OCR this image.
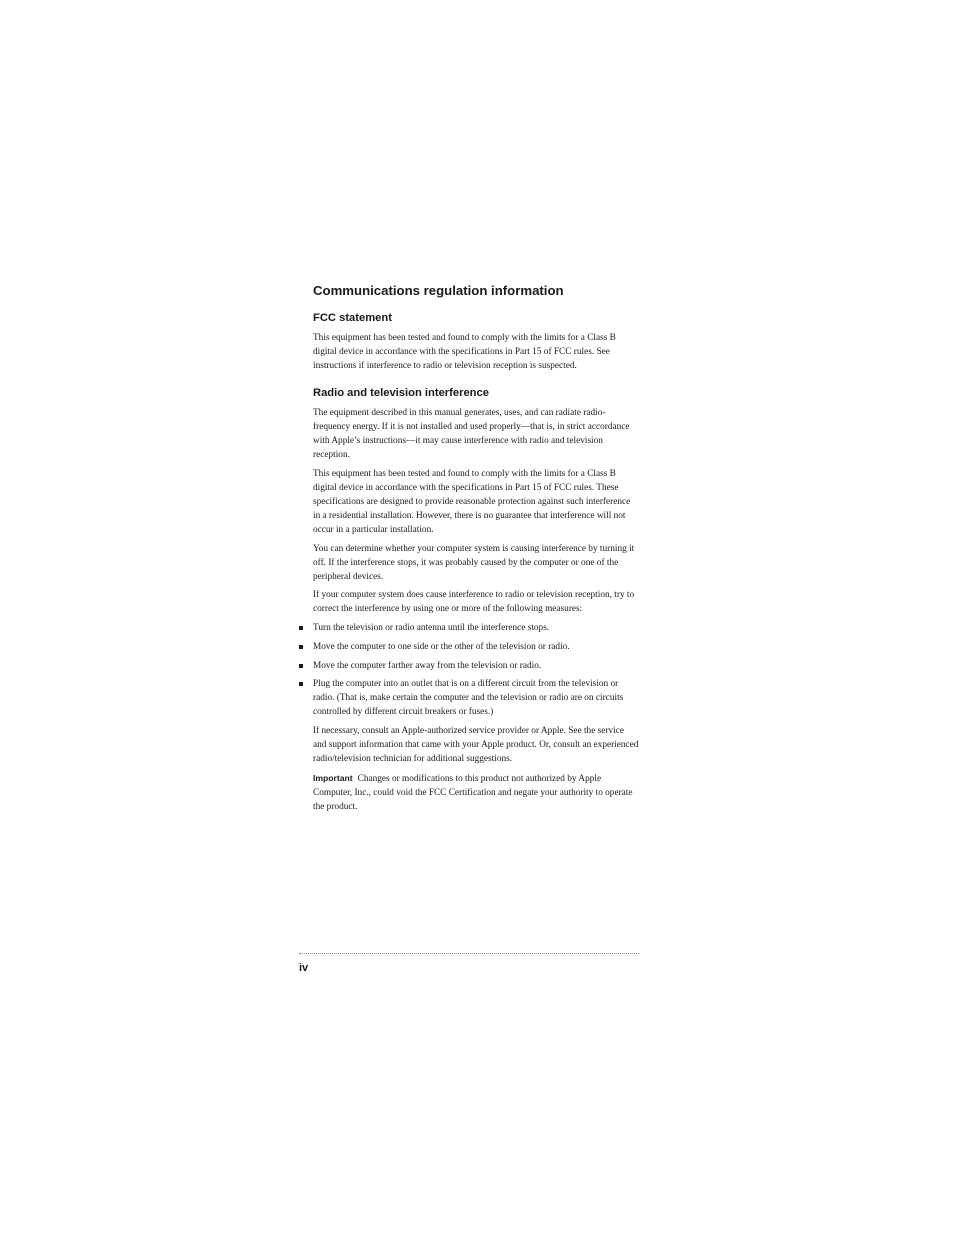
Communications regulation information
FCC statement

This equipment has been tested and found to comply with the limits for a Class B digital device in accordance with the specifications in Part 15 of FCC rules. See instructions if interference to radio or television reception is suspected.

Radio and television interference

The equipment described in this manual generates, uses, and can radiate radio-frequency energy. If it is not installed and used properly—that is, in strict accordance with Apple’s instructions—it may cause interference with radio and television reception.

This equipment has been tested and found to comply with the limits for a Class B digital device in accordance with the specifications in Part 15 of FCC rules. These specifications are designed to provide reasonable protection against such interference in a residential installation. However, there is no guarantee that interference will not occur in a particular installation.

You can determine whether your computer system is causing interference by turning it off. If the interference stops, it was probably caused by the computer or one of the peripheral devices.

If your computer system does cause interference to radio or television reception, try to correct the interference by using one or more of the following measures:

Turn the television or radio antenna until the interference stops.
Move the computer to one side or the other of the television or radio.
Move the computer farther away from the television or radio.
Plug the computer into an outlet that is on a different circuit from the television or radio. (That is, make certain the computer and the television or radio are on circuits controlled by different circuit breakers or fuses.)

If necessary, consult an Apple-authorized service provider or Apple. See the service and support information that came with your Apple product. Or, consult an experienced radio/television technician for additional suggestions.

Important Changes or modifications to this product not authorized by Apple Computer, Inc., could void the FCC Certification and negate your authority to operate the product.

iv
